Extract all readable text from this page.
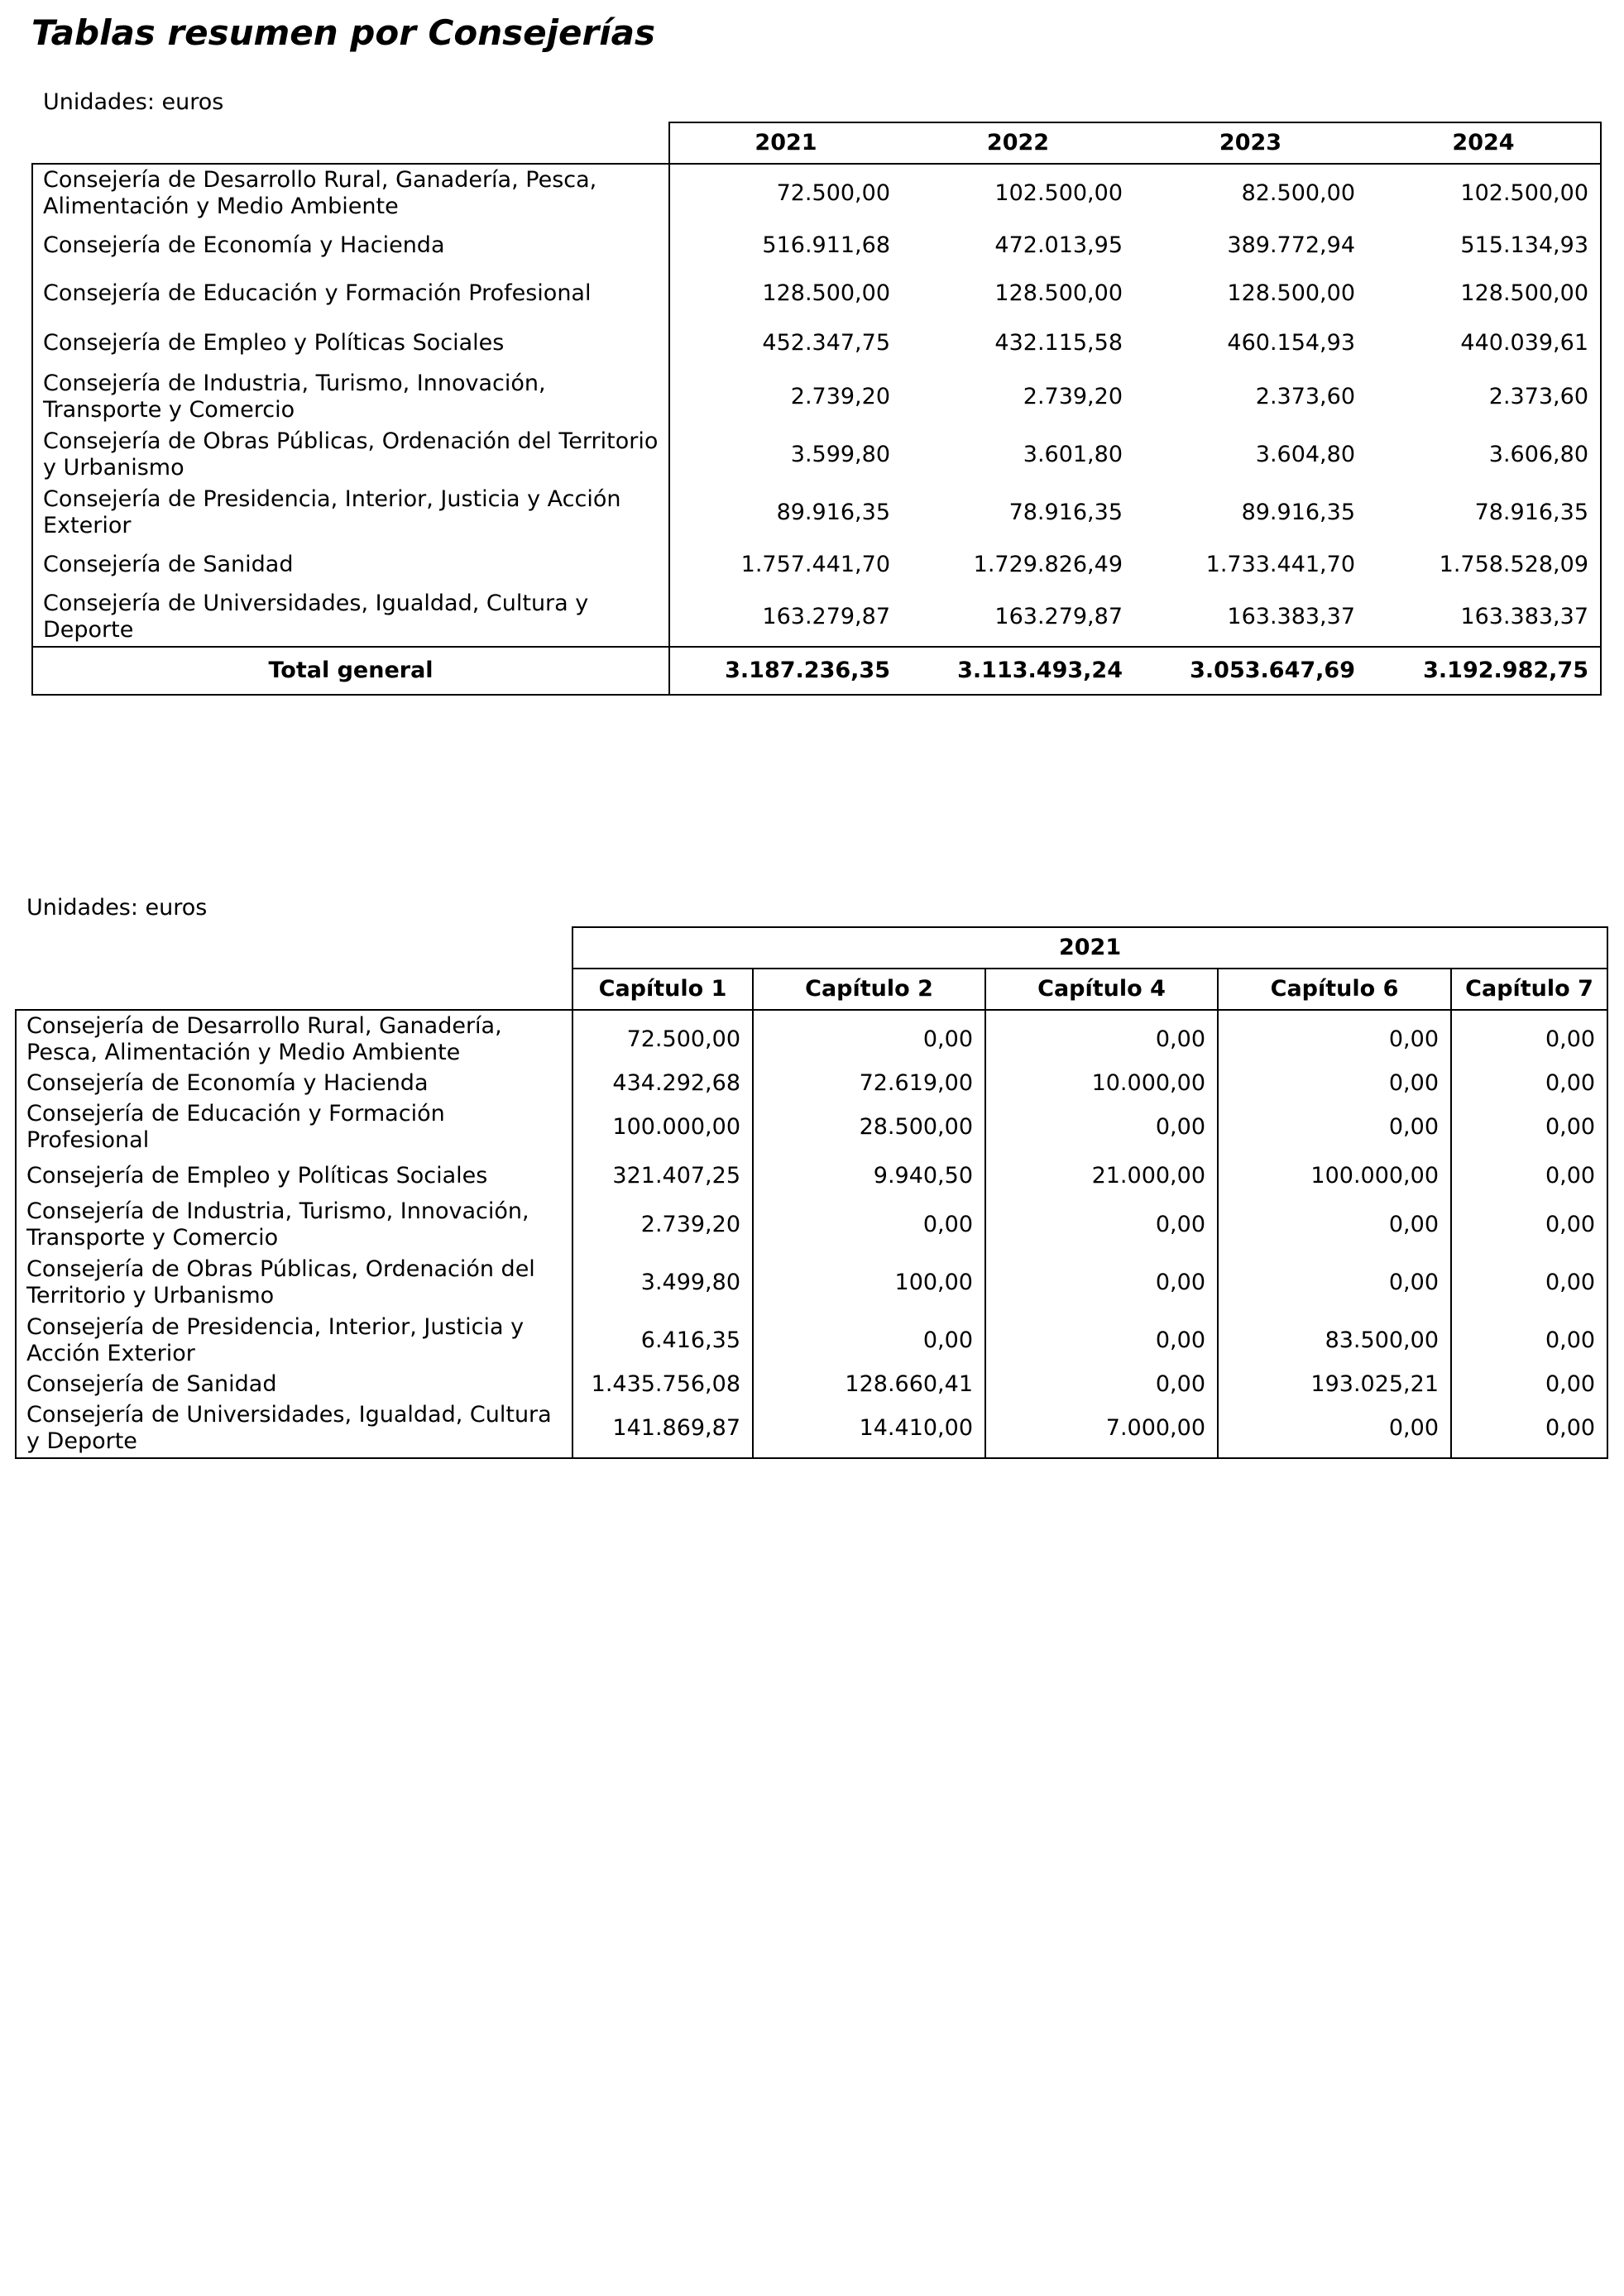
Tablas resumen por Consejerías
Unidades: euros
	2021	2022	2023	2024
Consejería de Desarrollo Rural, Ganadería, Pesca, Alimentación y Medio Ambiente	72.500,00	102.500,00	82.500,00	102.500,00
Consejería de Economía y Hacienda	516.911,68	472.013,95	389.772,94	515.134,93
Consejería de Educación y Formación Profesional	128.500,00	128.500,00	128.500,00	128.500,00
Consejería de Empleo y Políticas Sociales	452.347,75	432.115,58	460.154,93	440.039,61
Consejería de Industria, Turismo, Innovación, Transporte y Comercio	2.739,20	2.739,20	2.373,60	2.373,60
Consejería de Obras Públicas, Ordenación del Territorio y Urbanismo	3.599,80	3.601,80	3.604,80	3.606,80
Consejería de Presidencia, Interior, Justicia y Acción Exterior	89.916,35	78.916,35	89.916,35	78.916,35
Consejería de Sanidad	1.757.441,70	1.729.826,49	1.733.441,70	1.758.528,09
Consejería de Universidades, Igualdad, Cultura y Deporte	163.279,87	163.279,87	163.383,37	163.383,37
Total general	3.187.236,35	3.113.493,24	3.053.647,69	3.192.982,75
Unidades: euros
	2021				
	Capítulo 1	Capítulo 2	Capítulo 4	Capítulo 6	Capítulo 7
Consejería de Desarrollo Rural, Ganadería, Pesca, Alimentación y Medio Ambiente	72.500,00	0,00	0,00	0,00	0,00
Consejería de Economía y Hacienda	434.292,68	72.619,00	10.000,00	0,00	0,00
Consejería de Educación y Formación Profesional	100.000,00	28.500,00	0,00	0,00	0,00
Consejería de Empleo y Políticas Sociales	321.407,25	9.940,50	21.000,00	100.000,00	0,00
Consejería de Industria, Turismo, Innovación, Transporte y Comercio	2.739,20	0,00	0,00	0,00	0,00
Consejería de Obras Públicas, Ordenación del Territorio y Urbanismo	3.499,80	100,00	0,00	0,00	0,00
Consejería de Presidencia, Interior, Justicia y Acción Exterior	6.416,35	0,00	0,00	83.500,00	0,00
Consejería de Sanidad	1.435.756,08	128.660,41	0,00	193.025,21	0,00
Consejería de Universidades, Igualdad, Cultura y Deporte	141.869,87	14.410,00	7.000,00	0,00	0,00
